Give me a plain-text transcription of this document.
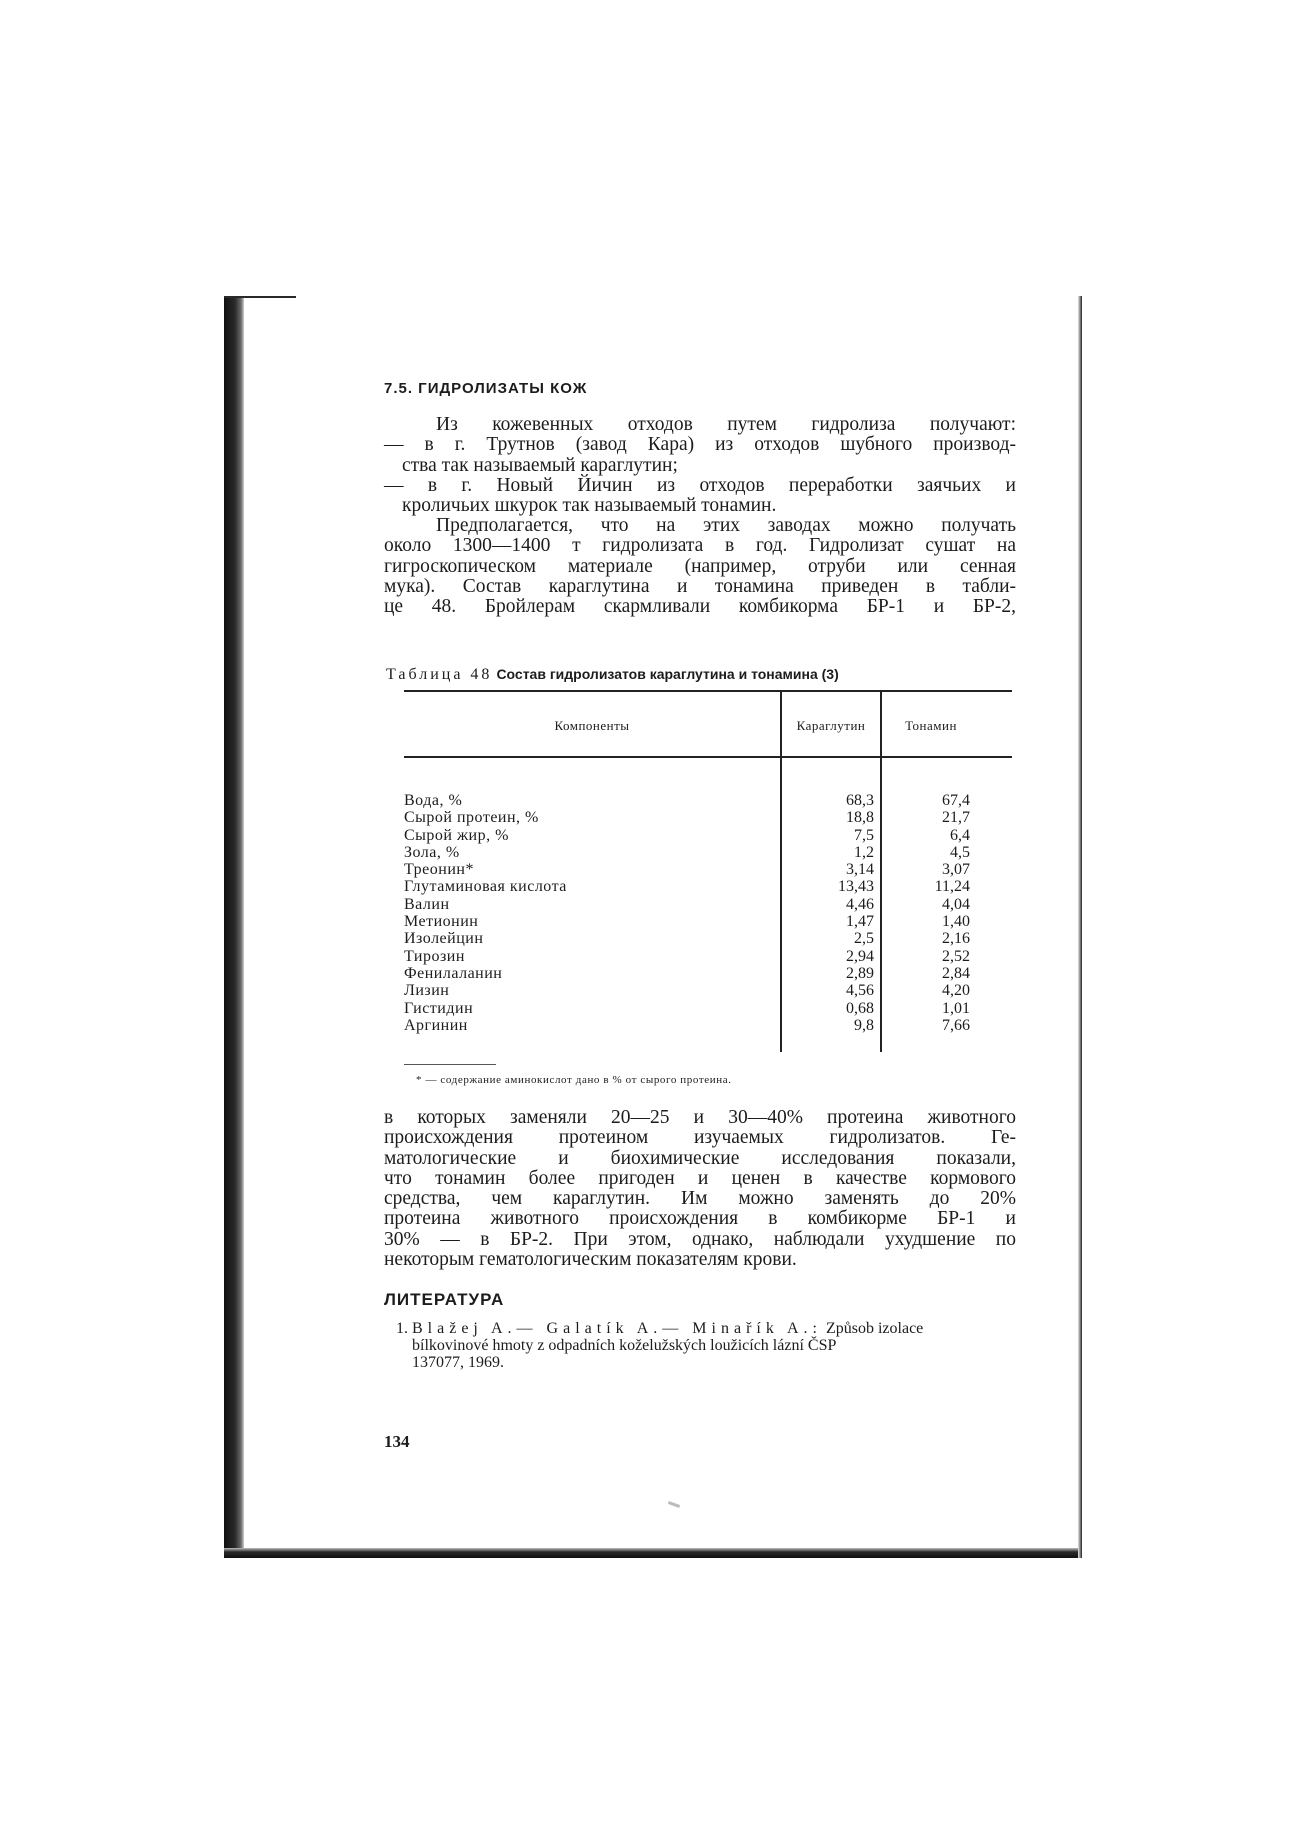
7.5. ГИДРОЛИЗАТЫ КОЖ
Из кожевенных отходов путем гидролиза получают:
— в г. Трутнов (завод Кара) из отходов шубного производ-
ства так называемый караглутин;
— в г. Новый Йичин из отходов переработки заячьих и
кроличьих шкурок так называемый тонамин.
Предполагается, что на этих заводах можно получать
около 1300—1400 т гидролизата в год. Гидролизат сушат на
гигроскопическом материале (например, отруби или сенная
мука). Состав караглутина и тонамина приведен в табли-
це 48. Бройлерам скармливали комбикорма БР-1 и БР-2,
Таблица 48 Состав гидролизатов караглутина и тонамина (3)
Компоненты	Караглутин	Тонамин
Вода, %	68,3	67,4
Сырой протеин, %	18,8	21,7
Сырой жир, %	7,5	6,4
Зола, %	1,2	4,5
Треонин*	3,14	3,07
Глутаминовая кислота	13,43	11,24
Валин	4,46	4,04
Метионин	1,47	1,40
Изолейцин	2,5	2,16
Тирозин	2,94	2,52
Фенилаланин	2,89	2,84
Лизин	4,56	4,20
Гистидин	0,68	1,01
Аргинин	9,8	7,66
* — содержание аминокислот дано в % от сырого протеина.
в которых заменяли 20—25 и 30—40% протеина животного
происхождения протеином изучаемых гидролизатов. Ге-
матологические и биохимические исследования показали,
что тонамин более пригоден и ценен в качестве кормового
средства, чем караглутин. Им можно заменять до 20%
протеина животного происхождения в комбикорме БР-1 и
30% — в БР-2. При этом, однако, наблюдали ухудшение по
некоторым гематологическим показателям крови.
ЛИТЕРАТУРА
1. Blažej A.— Galatík A.— Minařík A.: Způsob izolace
bílkovinové hmoty z odpadních koželužských loužicích lázní ČSP
137077, 1969.
134
